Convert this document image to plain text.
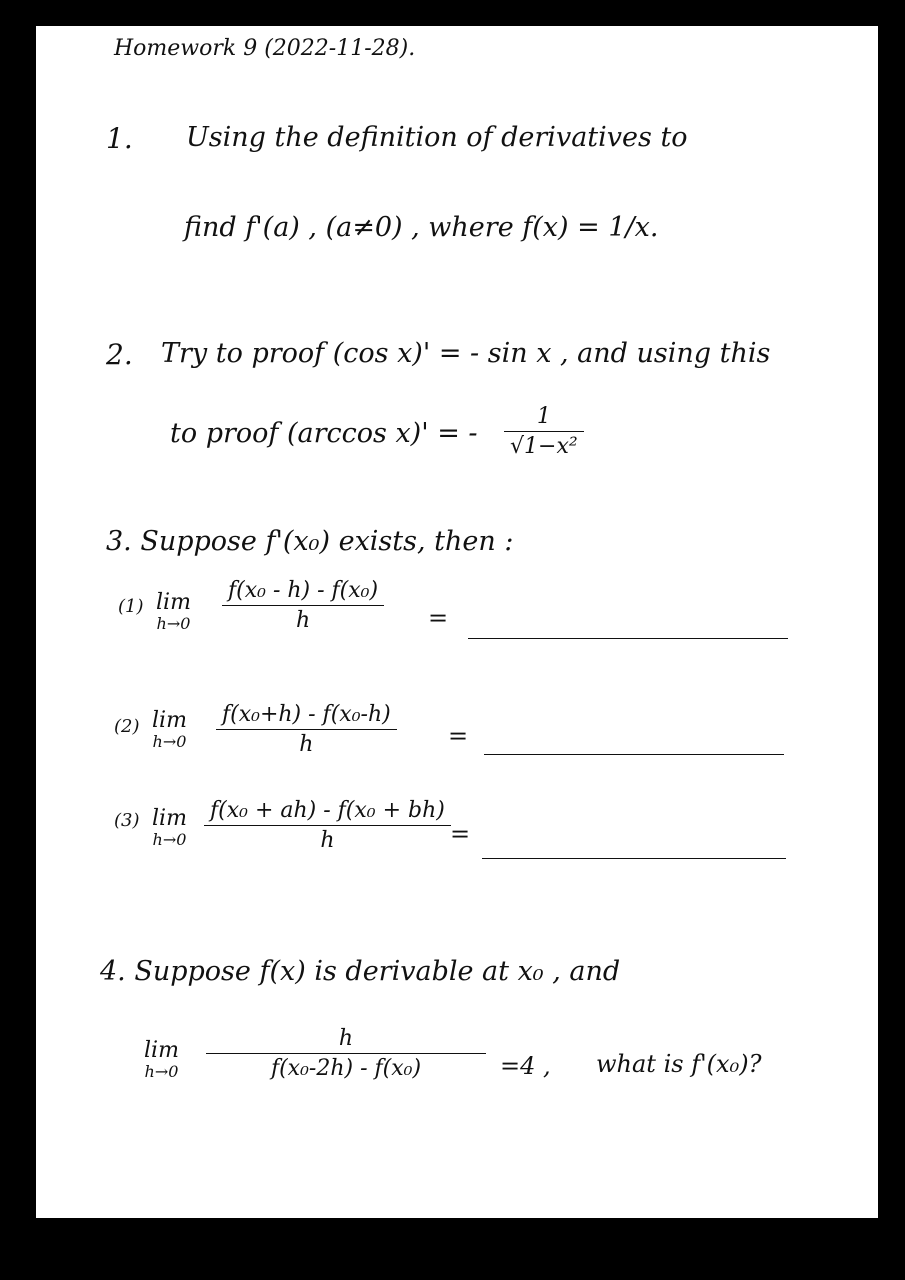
Homework 9 (2022-11-28).
1. Using the definition of derivatives to
find f'(a) , (a≠0) , where f(x) = 1/x.
2. Try to proof (cos x)' = - sin x , and using this
to proof (arccos x)' = -
1
√1−x²
3. Suppose f'(x₀) exists, then :
(1) lim
h→0
f(x₀ - h) - f(x₀)
h	=
(2) lim
h→0
f(x₀+h) - f(x₀-h)
h	=
(3) lim
h→0
f(x₀ + ah) - f(x₀ + bh)
h	=
4. Suppose f(x) is derivable at x₀ , and
lim
h→0
h
f(x₀-2h) - f(x₀)	=4 , what is f'(x₀)?
